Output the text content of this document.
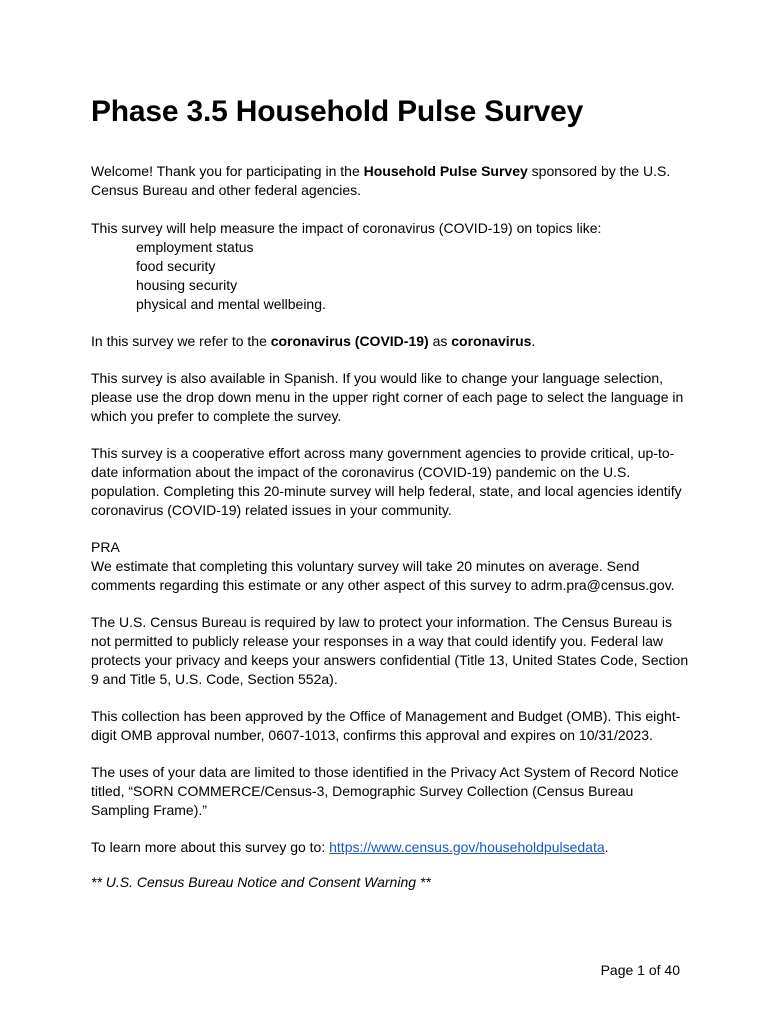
Phase 3.5 Household Pulse Survey

Welcome! Thank you for participating in the Household Pulse Survey sponsored by the U.S. Census Bureau and other federal agencies.

This survey will help measure the impact of coronavirus (COVID-19) on topics like:

employment status
food security
housing security
physical and mental wellbeing.

In this survey we refer to the coronavirus (COVID-19) as coronavirus.

This survey is also available in Spanish. If you would like to change your language selection, please use the drop down menu in the upper right corner of each page to select the language in which you prefer to complete the survey.

This survey is a cooperative effort across many government agencies to provide critical, up-to-date information about the impact of the coronavirus (COVID-19) pandemic on the U.S. population. Completing this 20-minute survey will help federal, state, and local agencies identify coronavirus (COVID-19) related issues in your community.

PRA

We estimate that completing this voluntary survey will take 20 minutes on average. Send comments regarding this estimate or any other aspect of this survey to adrm.pra@census.gov.

The U.S. Census Bureau is required by law to protect your information. The Census Bureau is not permitted to publicly release your responses in a way that could identify you. Federal law protects your privacy and keeps your answers confidential (Title 13, United States Code, Section 9 and Title 5, U.S. Code, Section 552a).

This collection has been approved by the Office of Management and Budget (OMB). This eight-digit OMB approval number, 0607-1013, confirms this approval and expires on 10/31/2023.

The uses of your data are limited to those identified in the Privacy Act System of Record Notice titled, “SORN COMMERCE/Census-3, Demographic Survey Collection (Census Bureau Sampling Frame).”

To learn more about this survey go to: https://www.census.gov/householdpulsedata.

** U.S. Census Bureau Notice and Consent Warning **

Page 1 of 40
